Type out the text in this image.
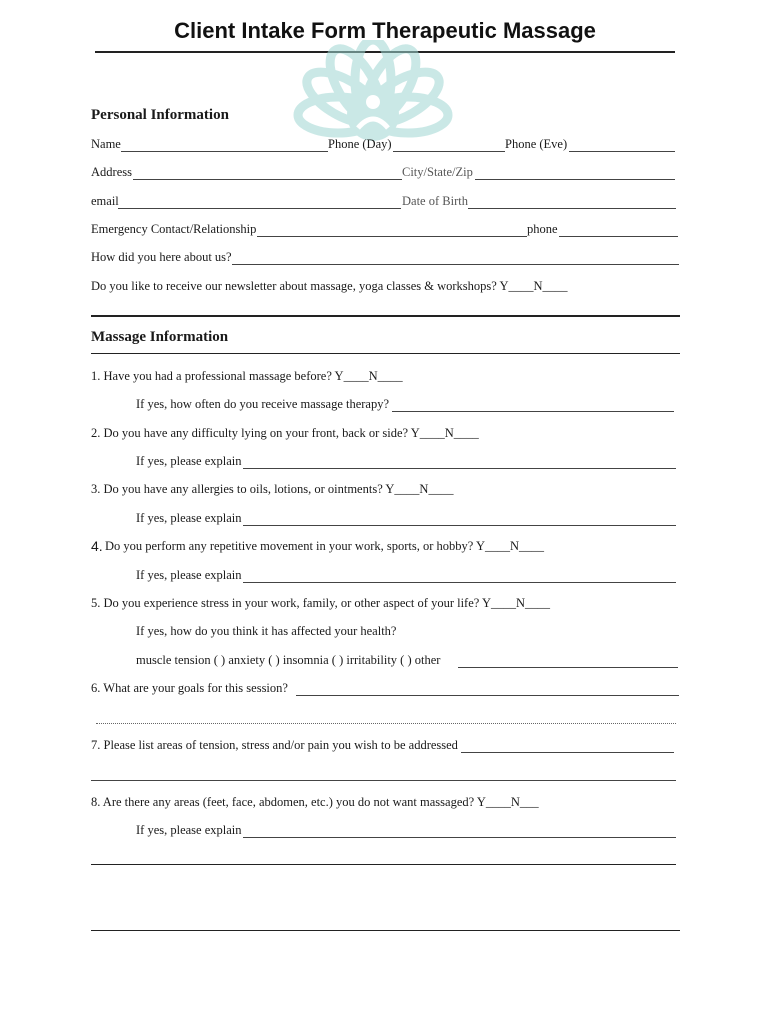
Client Intake Form Therapeutic Massage
Personal Information
Name	Phone (Day)	Phone (Eve)
Address	City/State/Zip
email	Date of Birth
Emergency Contact/Relationship	phone
How did you here about us?
Do you like to receive our newsletter about massage, yoga classes & workshops? Y____N____
Massage Information
1. Have you had a professional massage before? Y____N____
If yes, how often do you receive massage therapy?
2. Do you have any difficulty lying on your front, back or side? Y____N____
If yes, please explain
3. Do you have any allergies to oils, lotions, or ointments? Y____N____
If yes, please explain
4. Do you perform any repetitive movement in your work, sports, or hobby? Y____N____
If yes, please explain
5. Do you experience stress in your work, family, or other aspect of your life? Y____N____
If yes, how do you think it has affected your health?
muscle tension ( ) anxiety ( ) insomnia ( ) irritability ( ) other
6. What are your goals for this session?
7. Please list areas of tension, stress and/or pain you wish to be addressed
8. Are there any areas (feet, face, abdomen, etc.) you do not want massaged? Y____N___
If yes, please explain
